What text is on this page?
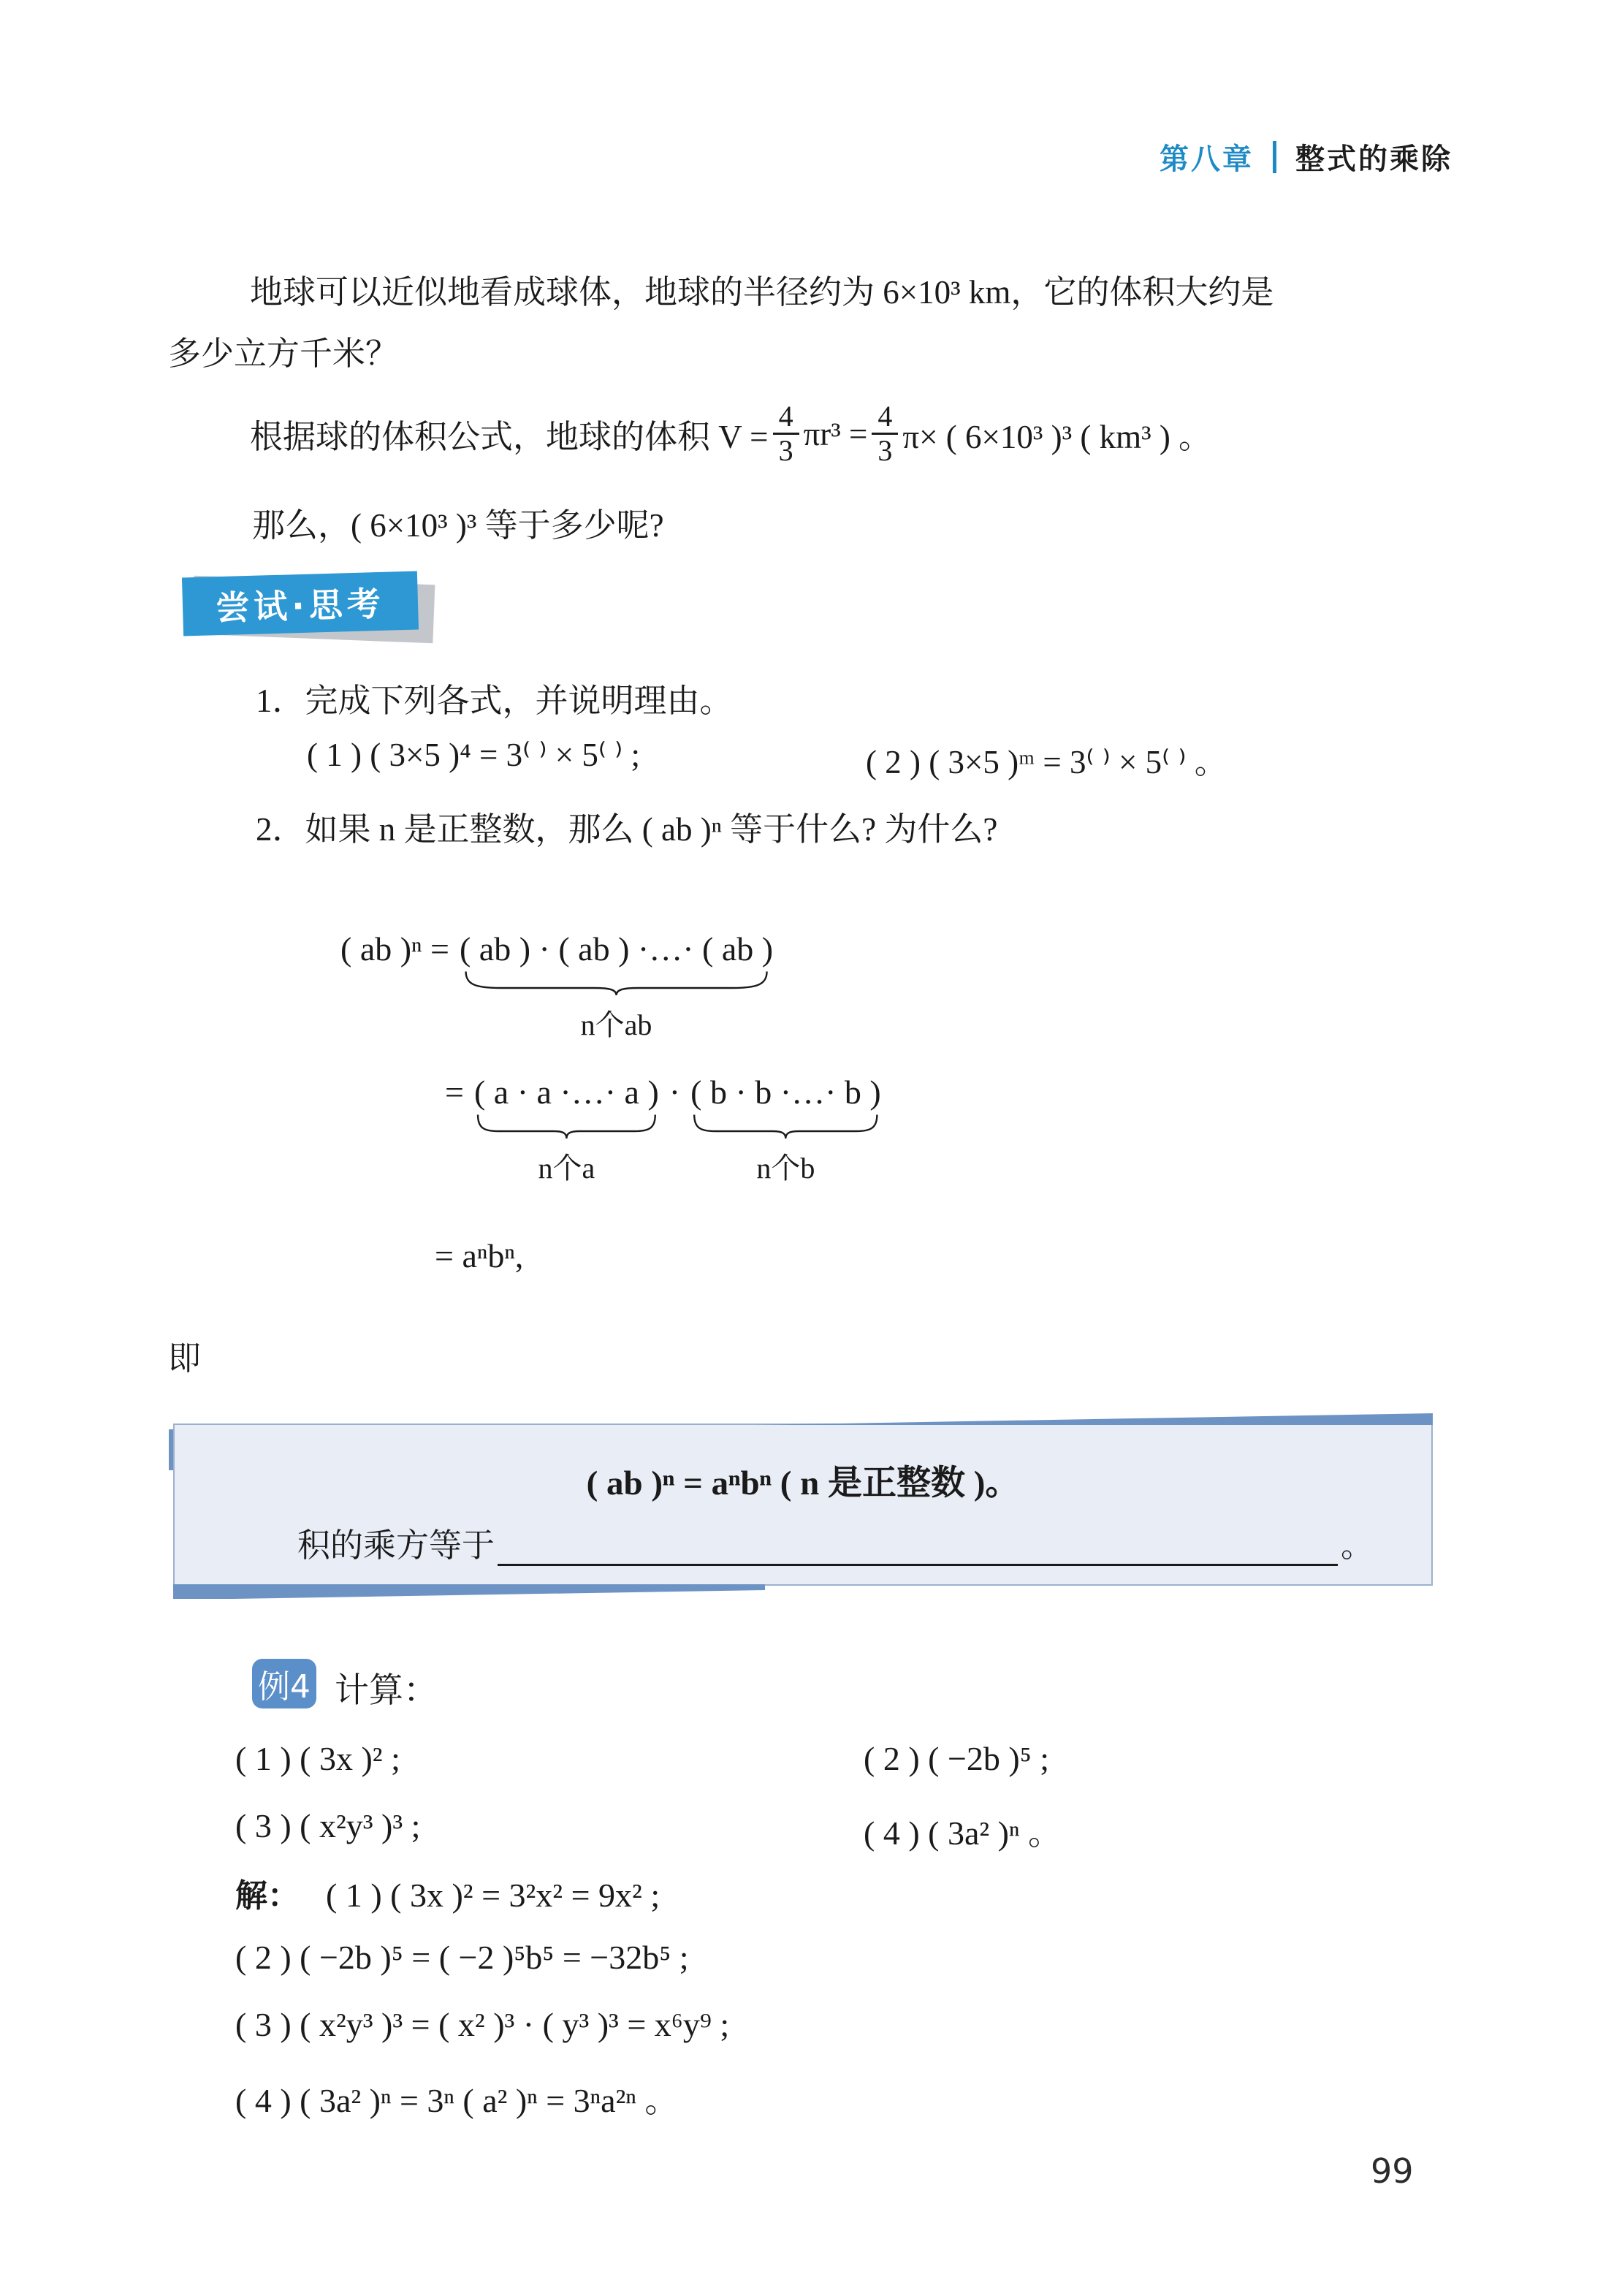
第八章 整式的乘除
地球可以近似地看成球体，地球的半径约为 6×10³ km，它的体积大约是
多少立方千米？
根据球的体积公式，地球的体积 $V = \frac{4}{3} \pi r^3 = \frac{4}{3} \pi\times$ ( 6×10³ )³ ( km³ ) 。
那么，( 6×10³ )³ 等于多少呢?
尝试·思考
1．完成下列各式，并说明理由。
( 1 ) ( 3×5 )⁴ = 3⁽ ⁾ × 5⁽ ⁾ ;	( 2 ) ( 3×5 )ᵐ = 3⁽ ⁾ × 5⁽ ⁾ 。
2．如果 n 是正整数，那么 ( ab )ⁿ 等于什么? 为什么?
( ab )ⁿ = ( ab ) · ( ab ) ·…· ( ab )
n个ab
= ( a · a ·…· a )
n个a
· ( b · b ·…· b )
n个b
= aⁿbⁿ,
即
( ab )ⁿ = aⁿbⁿ ( n 是正整数 )。
积的乘方等于	。
例4 计算：
( 1 ) ( 3x )² ;	( 2 ) ( −2b )⁵ ;
( 3 ) ( x²y³ )³ ;	( 4 ) ( 3a² )ⁿ 。
解： ( 1 ) ( 3x )² = 3²x² = 9x² ;
( 2 ) ( −2b )⁵ = ( −2 )⁵b⁵ = −32b⁵ ;
( 3 ) ( x²y³ )³ = ( x² )³ · ( y³ )³ = x⁶y⁹ ;
( 4 ) ( 3a² )ⁿ = 3ⁿ ( a² )ⁿ = 3ⁿa²ⁿ 。
99
